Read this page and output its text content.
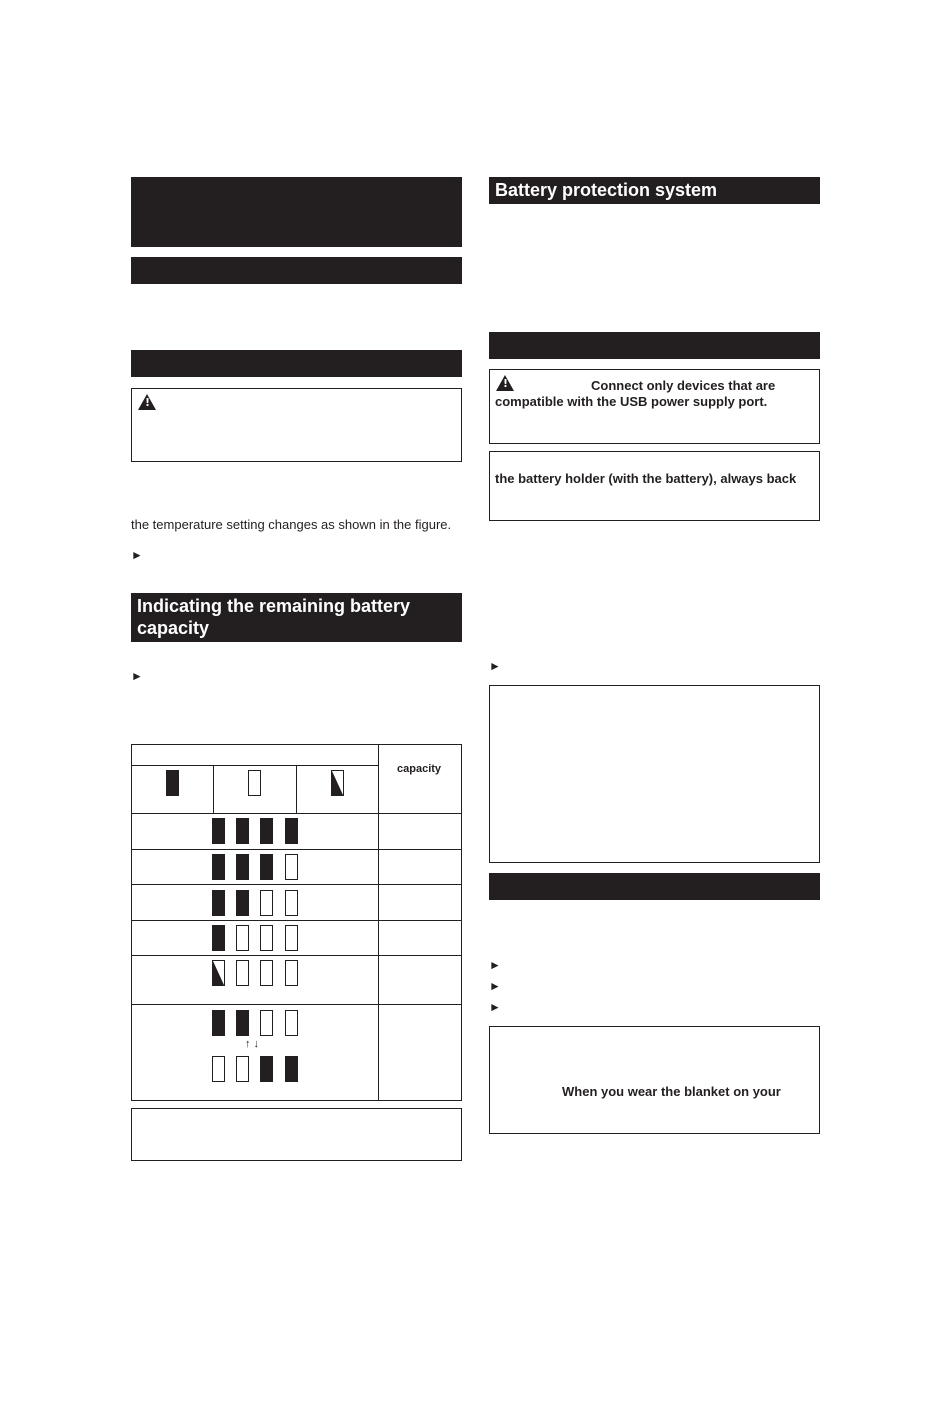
!
the temperature setting changes as shown in the figure.
►
Indicating the remaining battery capacity
►
capacity
↑ ↓
Battery protection system
!
Connect only devices that are
compatible with the USB power supply port.
the battery holder (with the battery), always back
►
►
►
►
When you wear the blanket on your
